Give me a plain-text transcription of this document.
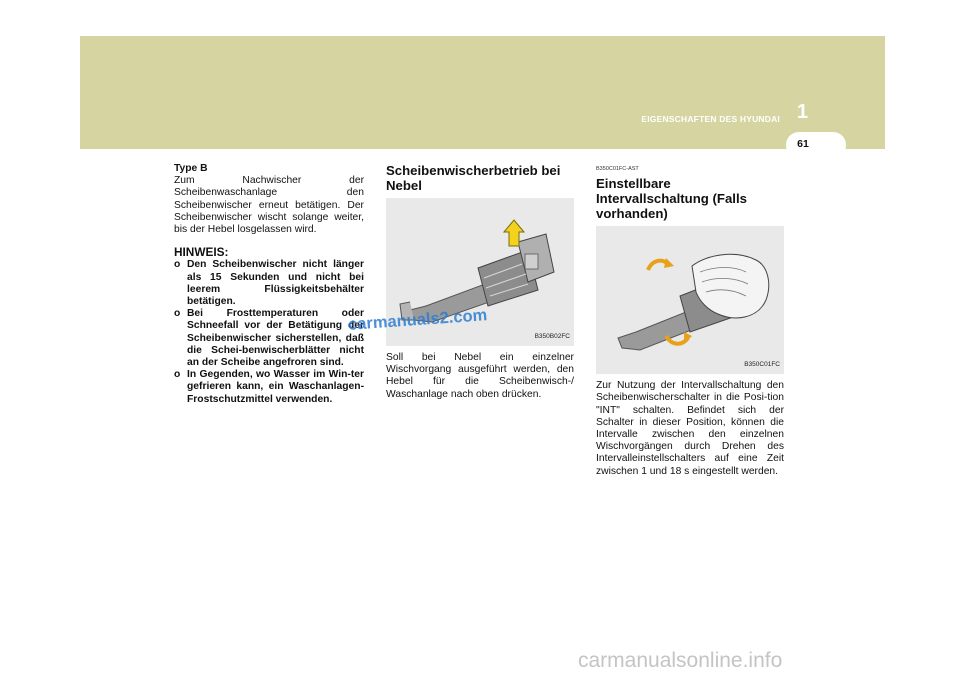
EIGENSCHAFTEN DES HYUNDAI 1
61
Type B
Zum Nachwischer der Scheibenwaschanlage den Scheibenwischer erneut betätigen. Der Scheibenwischer wischt solange weiter, bis der Hebel losgelassen wird.
HINWEIS:
o Den Scheibenwischer nicht länger als 15 Sekunden und nicht bei leerem Flüssigkeitsbehälter betätigen.
o Bei Frosttemperaturen oder Schneefall vor der Betätigung der Scheibenwischer sicherstellen, daß die Schei-benwischerblätter nicht an der Scheibe angefroren sind.
o In Gegenden, wo Wasser im Win-ter gefrieren kann, ein Waschanlagen-Frostschutzmittel verwenden.
Scheibenwischerbetrieb bei Nebel
B350B02FC
Soll bei Nebel ein einzelner Wischvorgang ausgeführt werden, den Hebel für die Scheibenwisch-/ Waschanlage nach oben drücken.
B350C01FC-AST
Einstellbare Intervallschaltung (Falls vorhanden)
B350C01FC
Zur Nutzung der Intervallschaltung den Scheibenwischerschalter in die Posi-tion "INT" schalten. Befindet sich der Schalter in dieser Position, können die Intervalle zwischen den einzelnen Wischvorgängen durch Drehen des Intervalleinstellschalters auf eine Zeit zwischen 1 und 18 s eingestellt werden.
carmanuals2.com
carmanualsonline.info
